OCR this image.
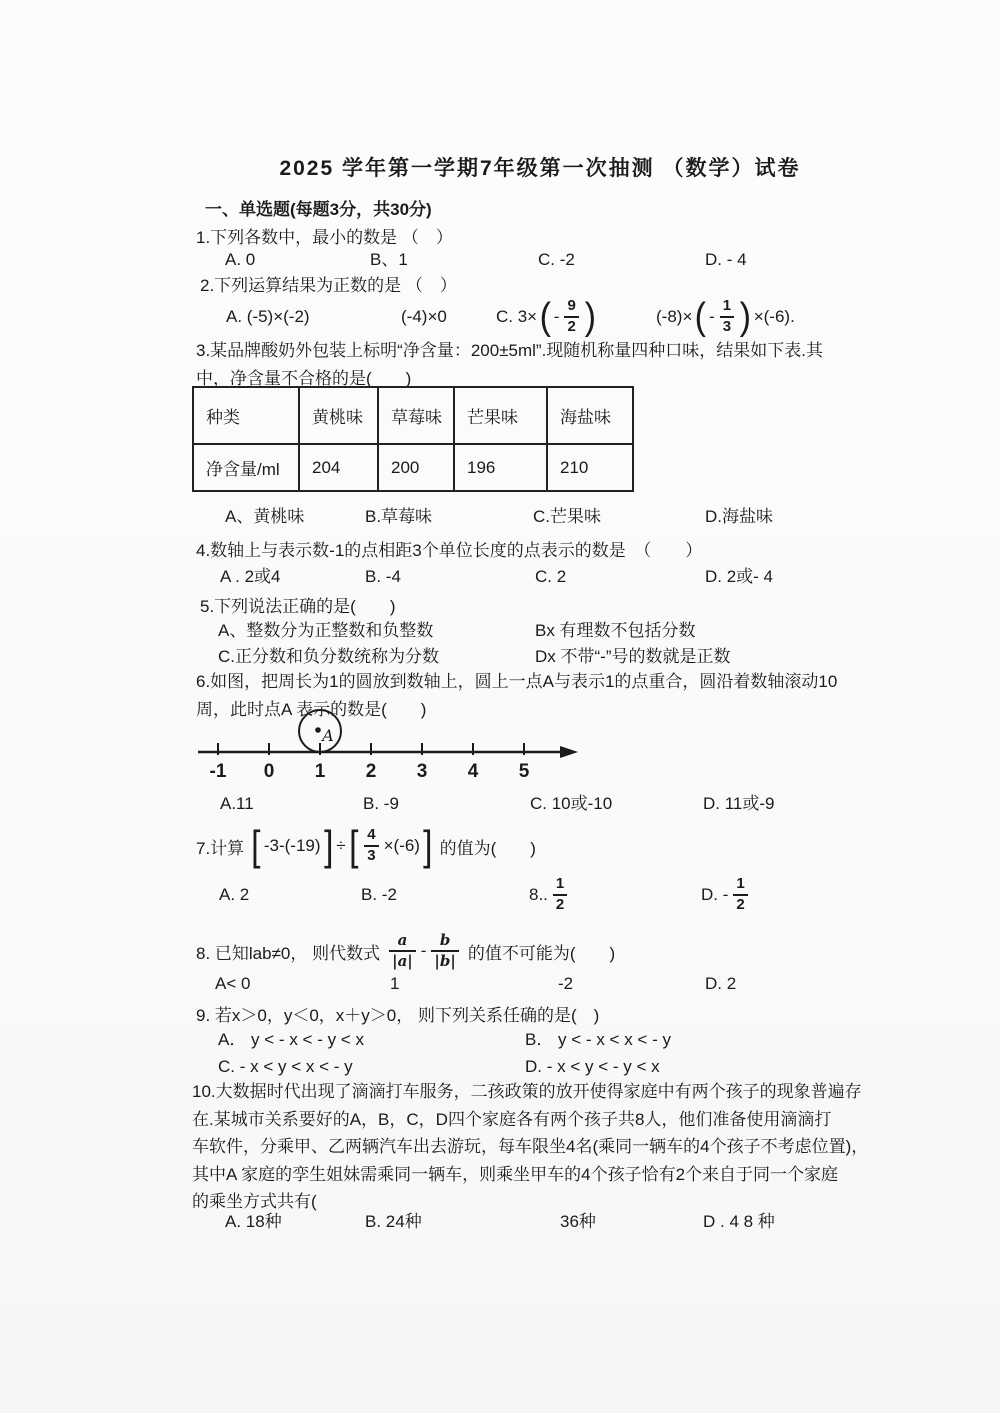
2025 学年第一学期7年级第一次抽测 （数学）试卷
一、单选题(每题3分，共30分)
1.下列各数中，最小的数是 （　）
A. 0	B、1	C. -2	D. - 4
2.下列运算结果为正数的是 （　）
A. (-5)×(-2)	(-4)×0	C. 3× ( - $\frac{9}{2}$ )	(-8)× ( - $\frac{1}{3}$ ) ×(-6).
3.某品牌酸奶外包装上标明“净含量：200±5ml”.现随机称量四种口味，结果如下表.其
中，净含量不合格的是(　　)
种类	黄桃味	草莓味	芒果味	海盐味
净含量/ml	204	200	196	210
A、黄桃味	B.草莓味	C.芒果味	D.海盐味
4.数轴上与表示数-1的点相距3个单位长度的点表示的数是　（　　）
A . 2或4	B. -4	C. 2	D. 2或- 4
5.下列说法正确的是(　　)
A、整数分为正整数和负整数	Bx 有理数不包括分数
C.正分数和负分数统称为分数	Dx 不带“-”号的数就是正数
6.如图，把周长为1的圆放到数轴上，圆上一点A与表示1的点重合，圆沿着数轴滚动10
周，此时点A 表示的数是(　　)
A
-1 0 1 2 3 4 5
A.11	B. -9	C. 10或-10	D. 11或-9
7.计算 [ -3-(-19) ] ÷ [ $\frac{4}{3} \times(-6)$ ] 的值为(　　)
A. 2	B. -2	8.. $\frac{1}{2}$	D. - $\frac{1}{2}$
8. 已知lab≠0， 则代数式 $\frac{a}{|a|} - \frac{b}{|b|}$ 的值不可能为(　　)
A< 0	1	-2	D. 2
9. 若x＞0，y＜0，x＋y＞0， 则下列关系任确的是(　)
A． y < - x < - y < x	B． y < - x < x < - y
C. - x < y < x < - y	D. - x < y < - y < x
10.大数据时代出现了滴滴打车服务，二孩政策的放开使得家庭中有两个孩子的现象普遍存
在.某城市关系要好的A，B，C，D四个家庭各有两个孩子共8人，他们准备使用滴滴打
车软件，分乘甲、乙两辆汽车出去游玩，每车限坐4名(乘同一辆车的4个孩子不考虑位置)，
其中A 家庭的孪生姐妹需乘同一辆车，则乘坐甲车的4个孩子恰有2个来自于同一个家庭
的乘坐方式共有(
A. 18种	B. 24种	36种	D . 4 8 种
